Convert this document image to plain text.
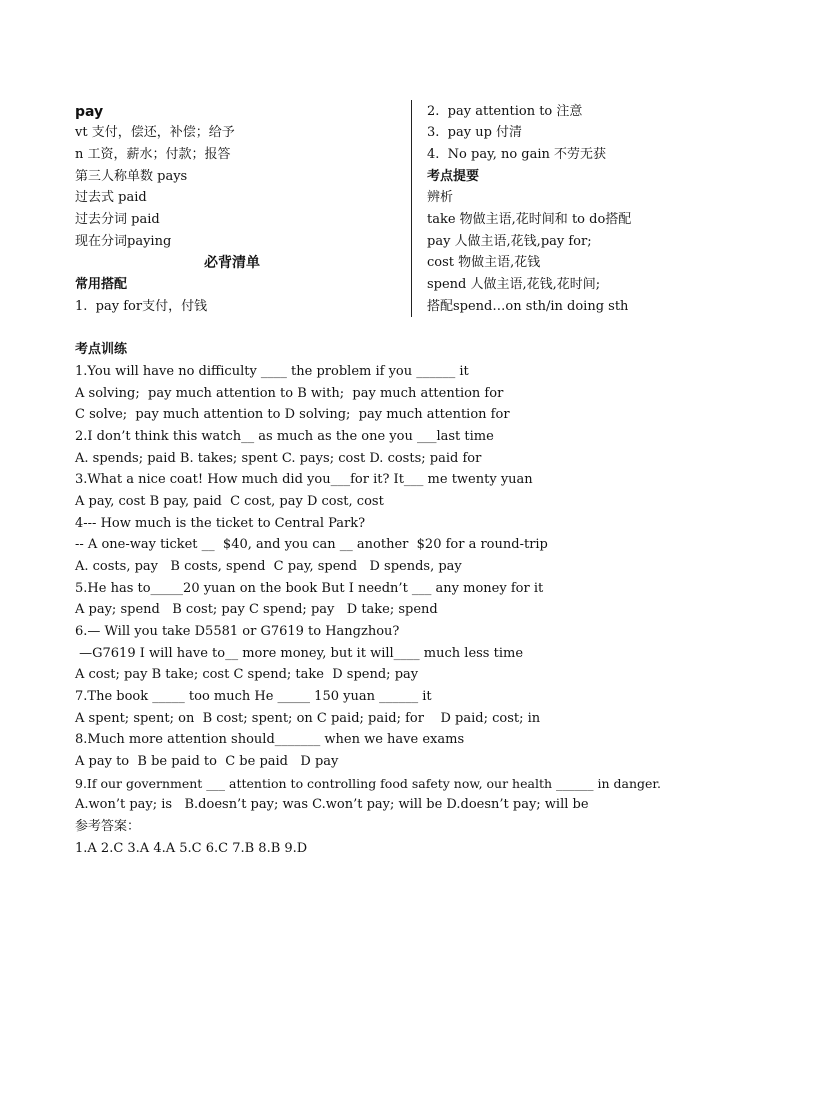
pay
vt 支付，偿还，补偿；给予
n 工资，薪水；付款；报答
第三人称单数 pays
过去式 paid
过去分词 paid
现在分词paying
必背清单
常用搭配
1.  pay for支付，付钱
2.  pay attention to 注意
3.  pay up 付清
4.  No pay, no gain 不劳无获
考点提要
辨析
take 物做主语,花时间和 to do搭配
pay 人做主语,花钱,pay for;
cost 物做主语,花钱
spend 人做主语,花钱,花时间;
搭配spend…on sth/in doing sth
考点训练
1.You will have no difficulty ____ the problem if you ______ it
A solving;  pay much attention to B with;  pay much attention for
C solve;  pay much attention to D solving;  pay much attention for
2.I don’t think this watch__ as much as the one you ___last time
A. spends; paid B. takes; spent C. pays; cost D. costs; paid for
3.What a nice coat! How much did you___for it? It___ me twenty yuan
A pay, cost B pay, paid  C cost, pay D cost, cost
4--- How much is the ticket to Central Park?
-- A one-way ticket __  $40, and you can __ another  $20 for a round-trip
A. costs, pay   B costs, spend  C pay, spend   D spends, pay
5.He has to_____20 yuan on the book But I needn’t ___ any money for it
A pay; spend   B cost; pay C spend; pay   D take; spend
6.— Will you take D5581 or G7619 to Hangzhou?
—G7619 I will have to__ more money, but it will____ much less time
A cost; pay B take; cost C spend; take  D spend; pay
7.The book _____ too much He _____ 150 yuan ______ it
A spent; spent; on  B cost; spent; on C paid; paid; for    D paid; cost; in
8.Much more attention should_______ when we have exams
A pay to  B be paid to  C be paid   D pay
9.If our government ___ attention to controlling food safety now, our health ______ in danger.
A.won’t pay; is   B.doesn’t pay; was C.won’t pay; will be D.doesn’t pay; will be
参考答案：
1.A 2.C 3.A 4.A 5.C 6.C 7.B 8.B 9.D
